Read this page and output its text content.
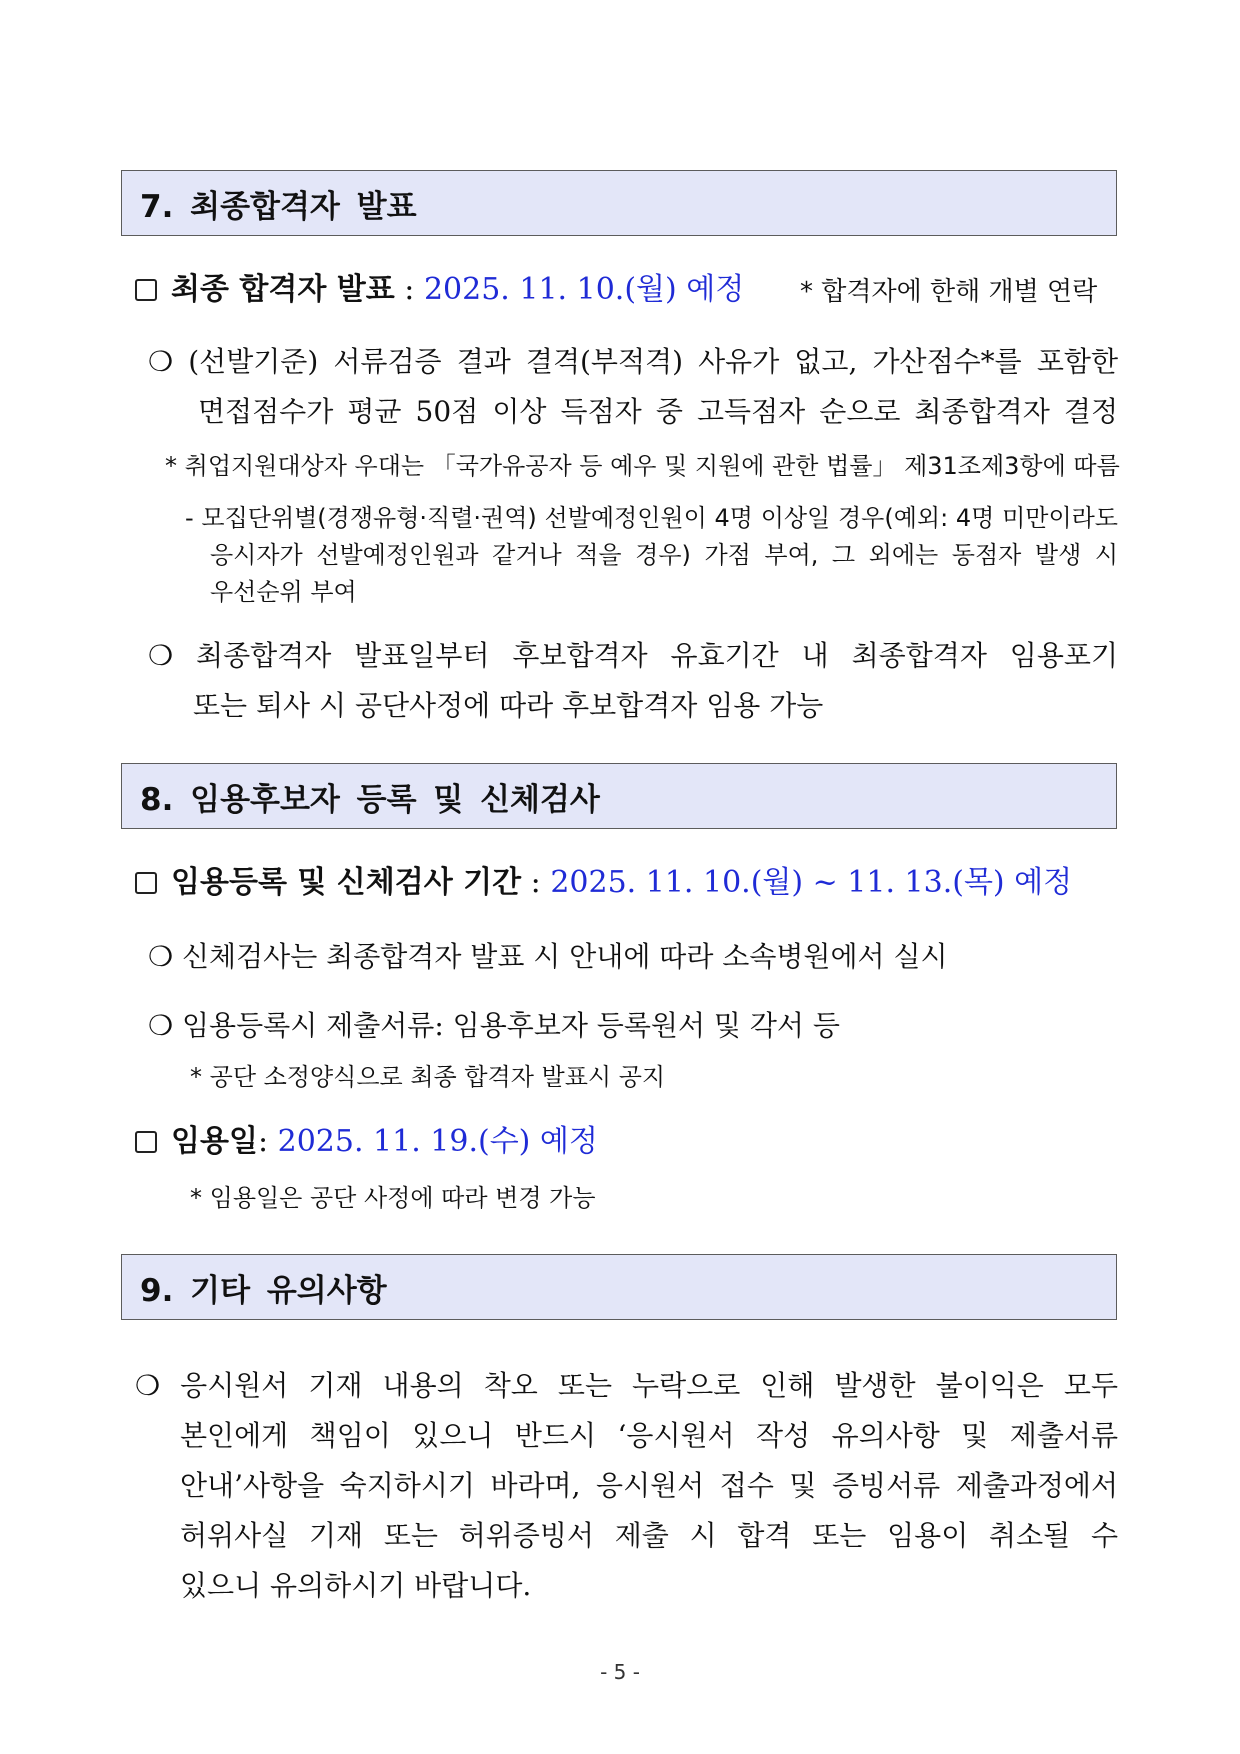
7. 최종합격자 발표
최종 합격자 발표 : 2025. 11. 10.(월) 예정 * 합격자에 한해 개별 연락
❍ (선발기준) 서류검증 결과 결격(부적격) 사유가 없고, 가산점수*를 포함한
면접점수가 평균 50점 이상 득점자 중 고득점자 순으로 최종합격자 결정
* 취업지원대상자 우대는 「국가유공자 등 예우 및 지원에 관한 법률」 제31조제3항에 따름
- 모집단위별(경쟁유형·직렬·권역) 선발예정인원이 4명 이상일 경우(예외: 4명 미만이라도
응시자가 선발예정인원과 같거나 적을 경우) 가점 부여, 그 외에는 동점자 발생 시
우선순위 부여
❍ 최종합격자 발표일부터 후보합격자 유효기간 내 최종합격자 임용포기
또는 퇴사 시 공단사정에 따라 후보합격자 임용 가능
8. 임용후보자 등록 및 신체검사
임용등록 및 신체검사 기간 : 2025. 11. 10.(월) ~ 11. 13.(목) 예정
❍ 신체검사는 최종합격자 발표 시 안내에 따라 소속병원에서 실시
❍ 임용등록시 제출서류: 임용후보자 등록원서 및 각서 등
* 공단 소정양식으로 최종 합격자 발표시 공지
임용일: 2025. 11. 19.(수) 예정
* 임용일은 공단 사정에 따라 변경 가능
9. 기타 유의사항
❍ 응시원서 기재 내용의 착오 또는 누락으로 인해 발생한 불이익은 모두
본인에게 책임이 있으니 반드시 ‘응시원서 작성 유의사항 및 제출서류
안내’사항을 숙지하시기 바라며, 응시원서 접수 및 증빙서류 제출과정에서
허위사실 기재 또는 허위증빙서 제출 시 합격 또는 임용이 취소될 수
있으니 유의하시기 바랍니다.
- 5 -
